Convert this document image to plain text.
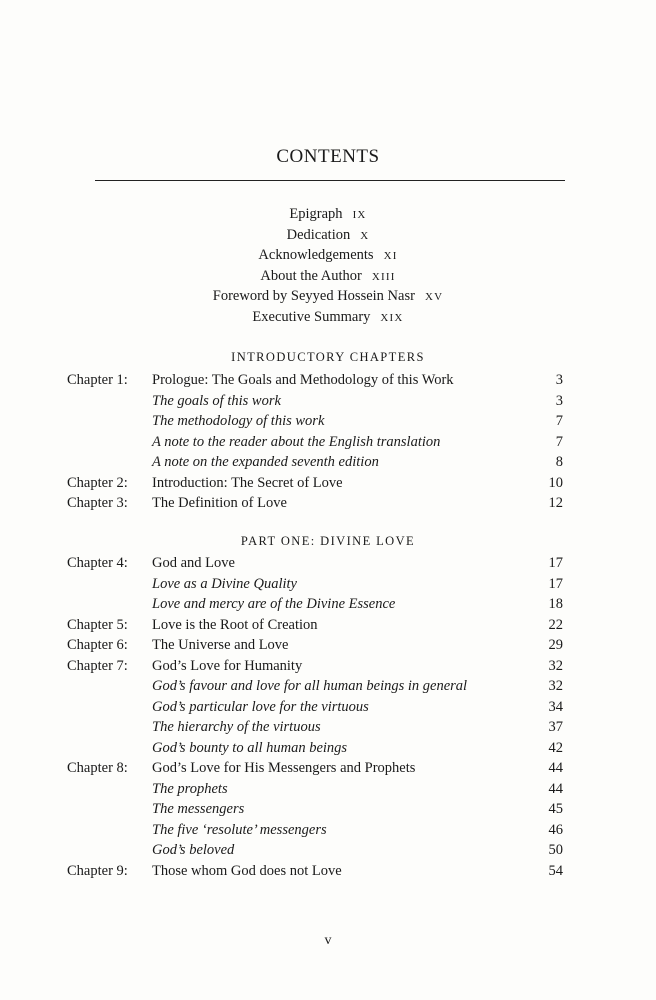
CONTENTS
Epigraph IX
Dedication X
Acknowledgements XI
About the Author XIII
Foreword by Seyyed Hossein Nasr XV
Executive Summary XIX
INTRODUCTORY CHAPTERS
Chapter 1: Prologue: The Goals and Methodology of this Work	3
The goals of this work	3
The methodology of this work	7
A note to the reader about the English translation	7
A note on the expanded seventh edition	8
Chapter 2: Introduction: The Secret of Love	10
Chapter 3: The Definition of Love	12
PART ONE: DIVINE LOVE
Chapter 4: God and Love	17
Love as a Divine Quality	17
Love and mercy are of the Divine Essence	18
Chapter 5: Love is the Root of Creation	22
Chapter 6: The Universe and Love	29
Chapter 7: God’s Love for Humanity	32
God’s favour and love for all human beings in general	32
God’s particular love for the virtuous	34
The hierarchy of the virtuous	37
God’s bounty to all human beings	42
Chapter 8: God’s Love for His Messengers and Prophets	44
The prophets	44
The messengers	45
The five ‘resolute’ messengers	46
God’s beloved	50
Chapter 9: Those whom God does not Love	54
v
